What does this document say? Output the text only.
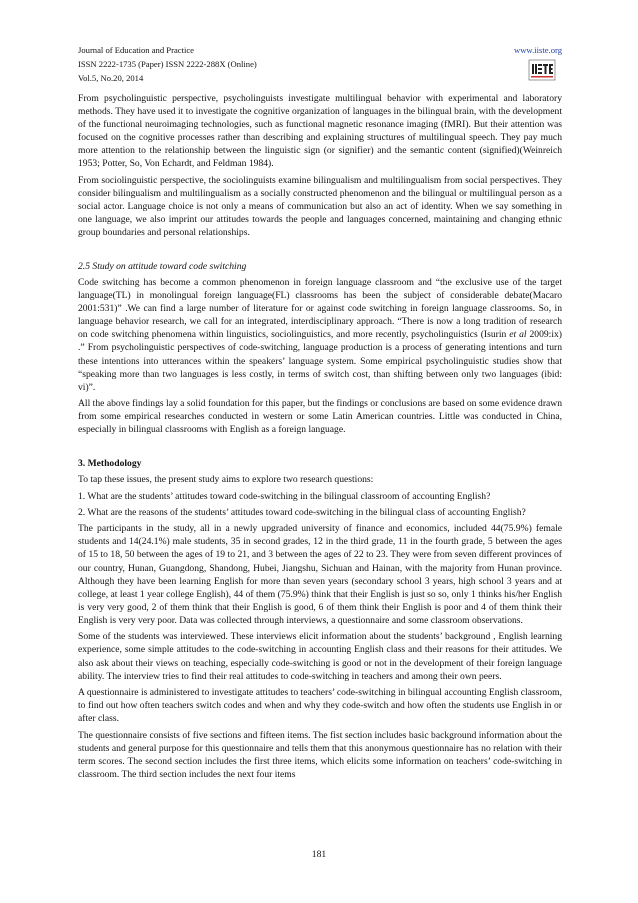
Journal of Education and Practice
ISSN 2222-1735 (Paper) ISSN 2222-288X (Online)
Vol.5, No.20, 2014
www.iiste.org

From psycholinguistic perspective, psycholinguists investigate multilingual behavior with experimental and laboratory methods. They have used it to investigate the cognitive organization of languages in the bilingual brain, with the development of the functional neuroimaging technologies, such as functional magnetic resonance imaging (fMRI). But their attention was focused on the cognitive processes rather than describing and explaining structures of multilingual speech. They pay much more attention to the relationship between the linguistic sign (or signifier) and the semantic content (signified)(Weinreich 1953; Potter, So, Von Echardt, and Feldman 1984).

From sociolinguistic perspective, the sociolinguists examine bilingualism and multilingualism from social perspectives. They consider bilingualism and multilingualism as a socially constructed phenomenon and the bilingual or multilingual person as a social actor. Language choice is not only a means of communication but also an act of identity. When we say something in one language, we also imprint our attitudes towards the people and languages concerned, maintaining and changing ethnic group boundaries and personal relationships.

2.5 Study on attitude toward code switching

Code switching has become a common phenomenon in foreign language classroom and “the exclusive use of the target language(TL) in monolingual foreign language(FL) classrooms has been the subject of considerable debate(Macaro 2001:531)” .We can find a large number of literature for or against code switching in foreign language classrooms. So, in language behavior research, we call for an integrated, interdisciplinary approach. “There is now a long tradition of research on code switching phenomena within linguistics, sociolinguistics, and more recently, psycholinguistics (Isurin et al 2009:ix) .” From psycholinguistic perspectives of code-switching, language production is a process of generating intentions and turn these intentions into utterances within the speakers’ language system. Some empirical psycholinguistic studies show that “speaking more than two languages is less costly, in terms of switch cost, than shifting between only two languages (ibid: vi)”.

All the above findings lay a solid foundation for this paper, but the findings or conclusions are based on some evidence drawn from some empirical researches conducted in western or some Latin American countries. Little was conducted in China, especially in bilingual classrooms with English as a foreign language.

3. Methodology

To tap these issues, the present study aims to explore two research questions:

1. What are the students’ attitudes toward code-switching in the bilingual classroom of accounting English?

2. What are the reasons of the students’ attitudes toward code-switching in the bilingual class of accounting English?

The participants in the study, all in a newly upgraded university of finance and economics, included 44(75.9%) female students and 14(24.1%) male students, 35 in second grades, 12 in the third grade, 11 in the fourth grade, 5 between the ages of 15 to 18, 50 between the ages of 19 to 21, and 3 between the ages of 22 to 23. They were from seven different provinces of our country, Hunan, Guangdong, Shandong, Hubei, Jiangshu, Sichuan and Hainan, with the majority from Hunan province. Although they have been learning English for more than seven years (secondary school 3 years, high school 3 years and at college, at least 1 year college English), 44 of them (75.9%) think that their English is just so so, only 1 thinks his/her English is very very good, 2 of them think that their English is good, 6 of them think their English is poor and 4 of them think their English is very very poor. Data was collected through interviews, a questionnaire and some classroom observations.

Some of the students was interviewed. These interviews elicit information about the students’ background , English learning experience, some simple attitudes to the code-switching in accounting English class and their reasons for their attitudes. We also ask about their views on teaching, especially code-switching is good or not in the development of their foreign language ability. The interview tries to find their real attitudes to code-switching in teachers and among their own peers.

A questionnaire is administered to investigate attitudes to teachers’ code-switching in bilingual accounting English classroom, to find out how often teachers switch codes and when and why they code-switch and how often the students use English in or after class.

The questionnaire consists of five sections and fifteen items. The fist section includes basic background information about the students and general purpose for this questionnaire and tells them that this anonymous questionnaire has no relation with their term scores. The second section includes the first three items, which elicits some information on teachers’ code-switching in classroom. The third section includes the next four items

181
